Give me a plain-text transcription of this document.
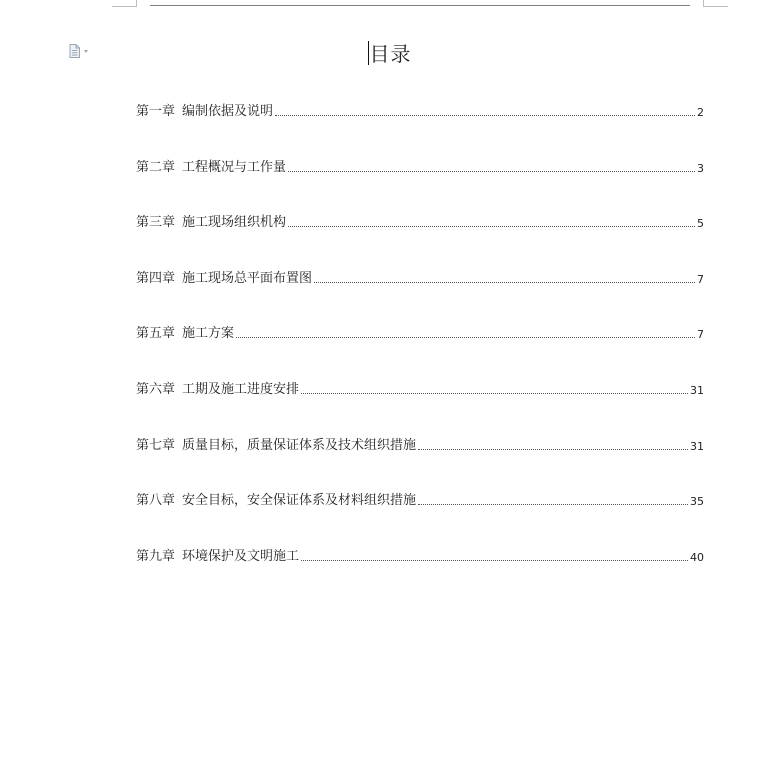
目录
第一章 编制依据及说明	2
第二章 工程概况与工作量	3
第三章 施工现场组织机构	5
第四章 施工现场总平面布置图	7
第五章 施工方案	7
第六章 工期及施工进度安排	31
第七章 质量目标，质量保证体系及技术组织措施	31
第八章 安全目标，安全保证体系及材料组织措施	35
第九章 环境保护及文明施工	40
